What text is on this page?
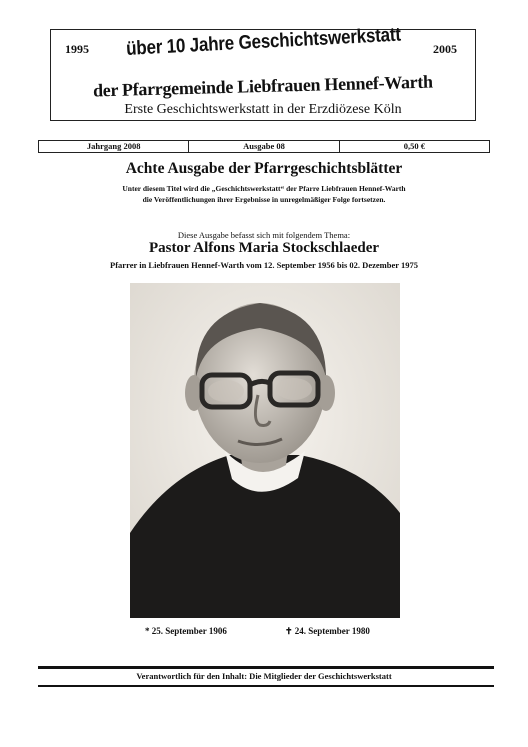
1995	über 10 Jahre Geschichtswerkstatt	2005
der Pfarrgemeinde Liebfrauen Hennef-Warth
Erste Geschichtswerkstatt in der Erzdiözese Köln
Jahrgang 2008	Ausgabe 08	0,50 €
Achte Ausgabe der Pfarrgeschichtsblätter
Unter diesem Titel wird die „Geschichtswerkstatt“ der Pfarre Liebfrauen Hennef-Warth
die Veröffentlichungen ihrer Ergebnisse in unregelmäßiger Folge fortsetzen.
Diese Ausgabe befasst sich mit folgendem Thema:
Pastor Alfons Maria Stockschlaeder
Pfarrer in Liebfrauen Hennef-Warth vom 12. September 1956 bis 02. Dezember 1975
* 25. September 1906	✝ 24. September 1980
Verantwortlich für den Inhalt: Die Mitglieder der Geschichtswerkstatt
